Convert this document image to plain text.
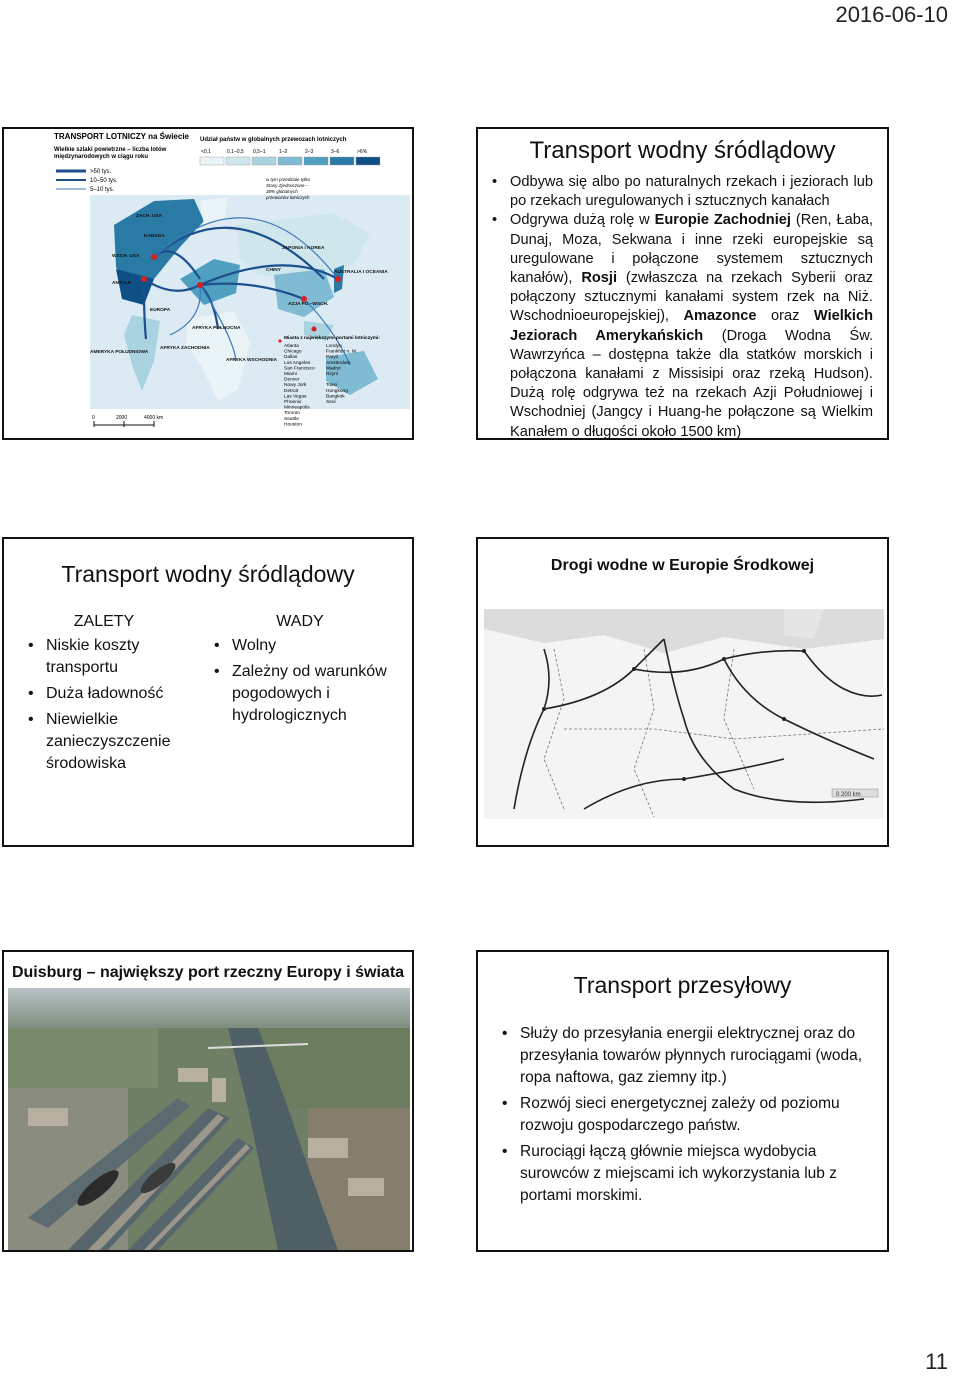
2016-06-10
TRANSPORT LOTNICZY na Świecie
Wielkie szlaki powietrzne – liczba lotów międzynarodowych w ciągu roku
>50 tys.
10–50 tys.
5–10 tys.
Udział państw w globalnych przewozach lotniczych
<0,1	0,1–0,5 0,5–1	1–2	2–3	3–6	>6%
w tym przedziale tylko Stany Zjednoczone – 38% globalnych przewozów lotniczych
ZACH. USA
KANADA
WSCH. USA
ANTYLE
AMERYKA POŁUDNIOWA
EUROPA
AFRYKA PÓŁNOCNA
AFRYKA ZACHODNIA
AFRYKA WSCHODNIA
CHINY
JAPONIA I KOREA
AZJA PD.–WSCH.
AUSTRALIA I OCEANIA
Miasta z największymi portami lotniczymi:
Atlanta
Chicago
Dallas
Los Angeles
San Francisco
Miami
Denver
Nowy Jork
Detroit
Las Vegas
Phoenix
Minneapolis
Toronto
Seattle
Houston
Londyn
Frankfurt n. M.
Paryż
Amsterdam
Madryt
Rzym
Tokio
Hongkong
Bangkok
Seul
0	2000	4000 km
Transport wodny śródlądowy
• Odbywa się albo po naturalnych rzekach i jeziorach lub po rzekach uregulowanych i sztucznych kanałach
• Odgrywa dużą rolę w Europie Zachodniej (Ren, Łaba, Dunaj, Moza, Sekwana i inne rzeki europejskie są uregulowane i połączone systemem sztucznych kanałów), Rosji (zwłaszcza na rzekach Syberii oraz połączony sztucznymi kanałami system rzek na Niż. Wschodnioeuropejskiej), Amazonce oraz Wielkich Jeziorach Amerykańskich (Droga Wodna Św. Wawrzyńca – dostępna także dla statków morskich i połączona kanałami z Missisipi oraz rzeką Hudson). Dużą rolę odgrywa też na rzekach Azji Południowej i Wschodniej (Jangcy i Huang-he połączone są Wielkim Kanałem o długości około 1500 km)
Transport wodny śródlądowy
ZALETY
• Niskie koszty transportu
• Duża ładowność
• Niewielkie zanieczyszczenie środowiska
WADY
• Wolny
• Zależny od warunków pogodowych i hydrologicznych
Drogi wodne w Europie Środkowej
0 200 km
Duisburg – największy port rzeczny Europy i świata	Transport przesyłowy
• Służy do przesyłania energii elektrycznej oraz do przesyłania towarów płynnych rurociągami (woda, ropa naftowa, gaz ziemny itp.)
• Rozwój sieci energetycznej zależy od poziomu rozwoju gospodarczego państw.
• Rurociągi łączą głównie miejsca wydobycia surowców z miejscami ich wykorzystania lub z portami morskimi.
11
